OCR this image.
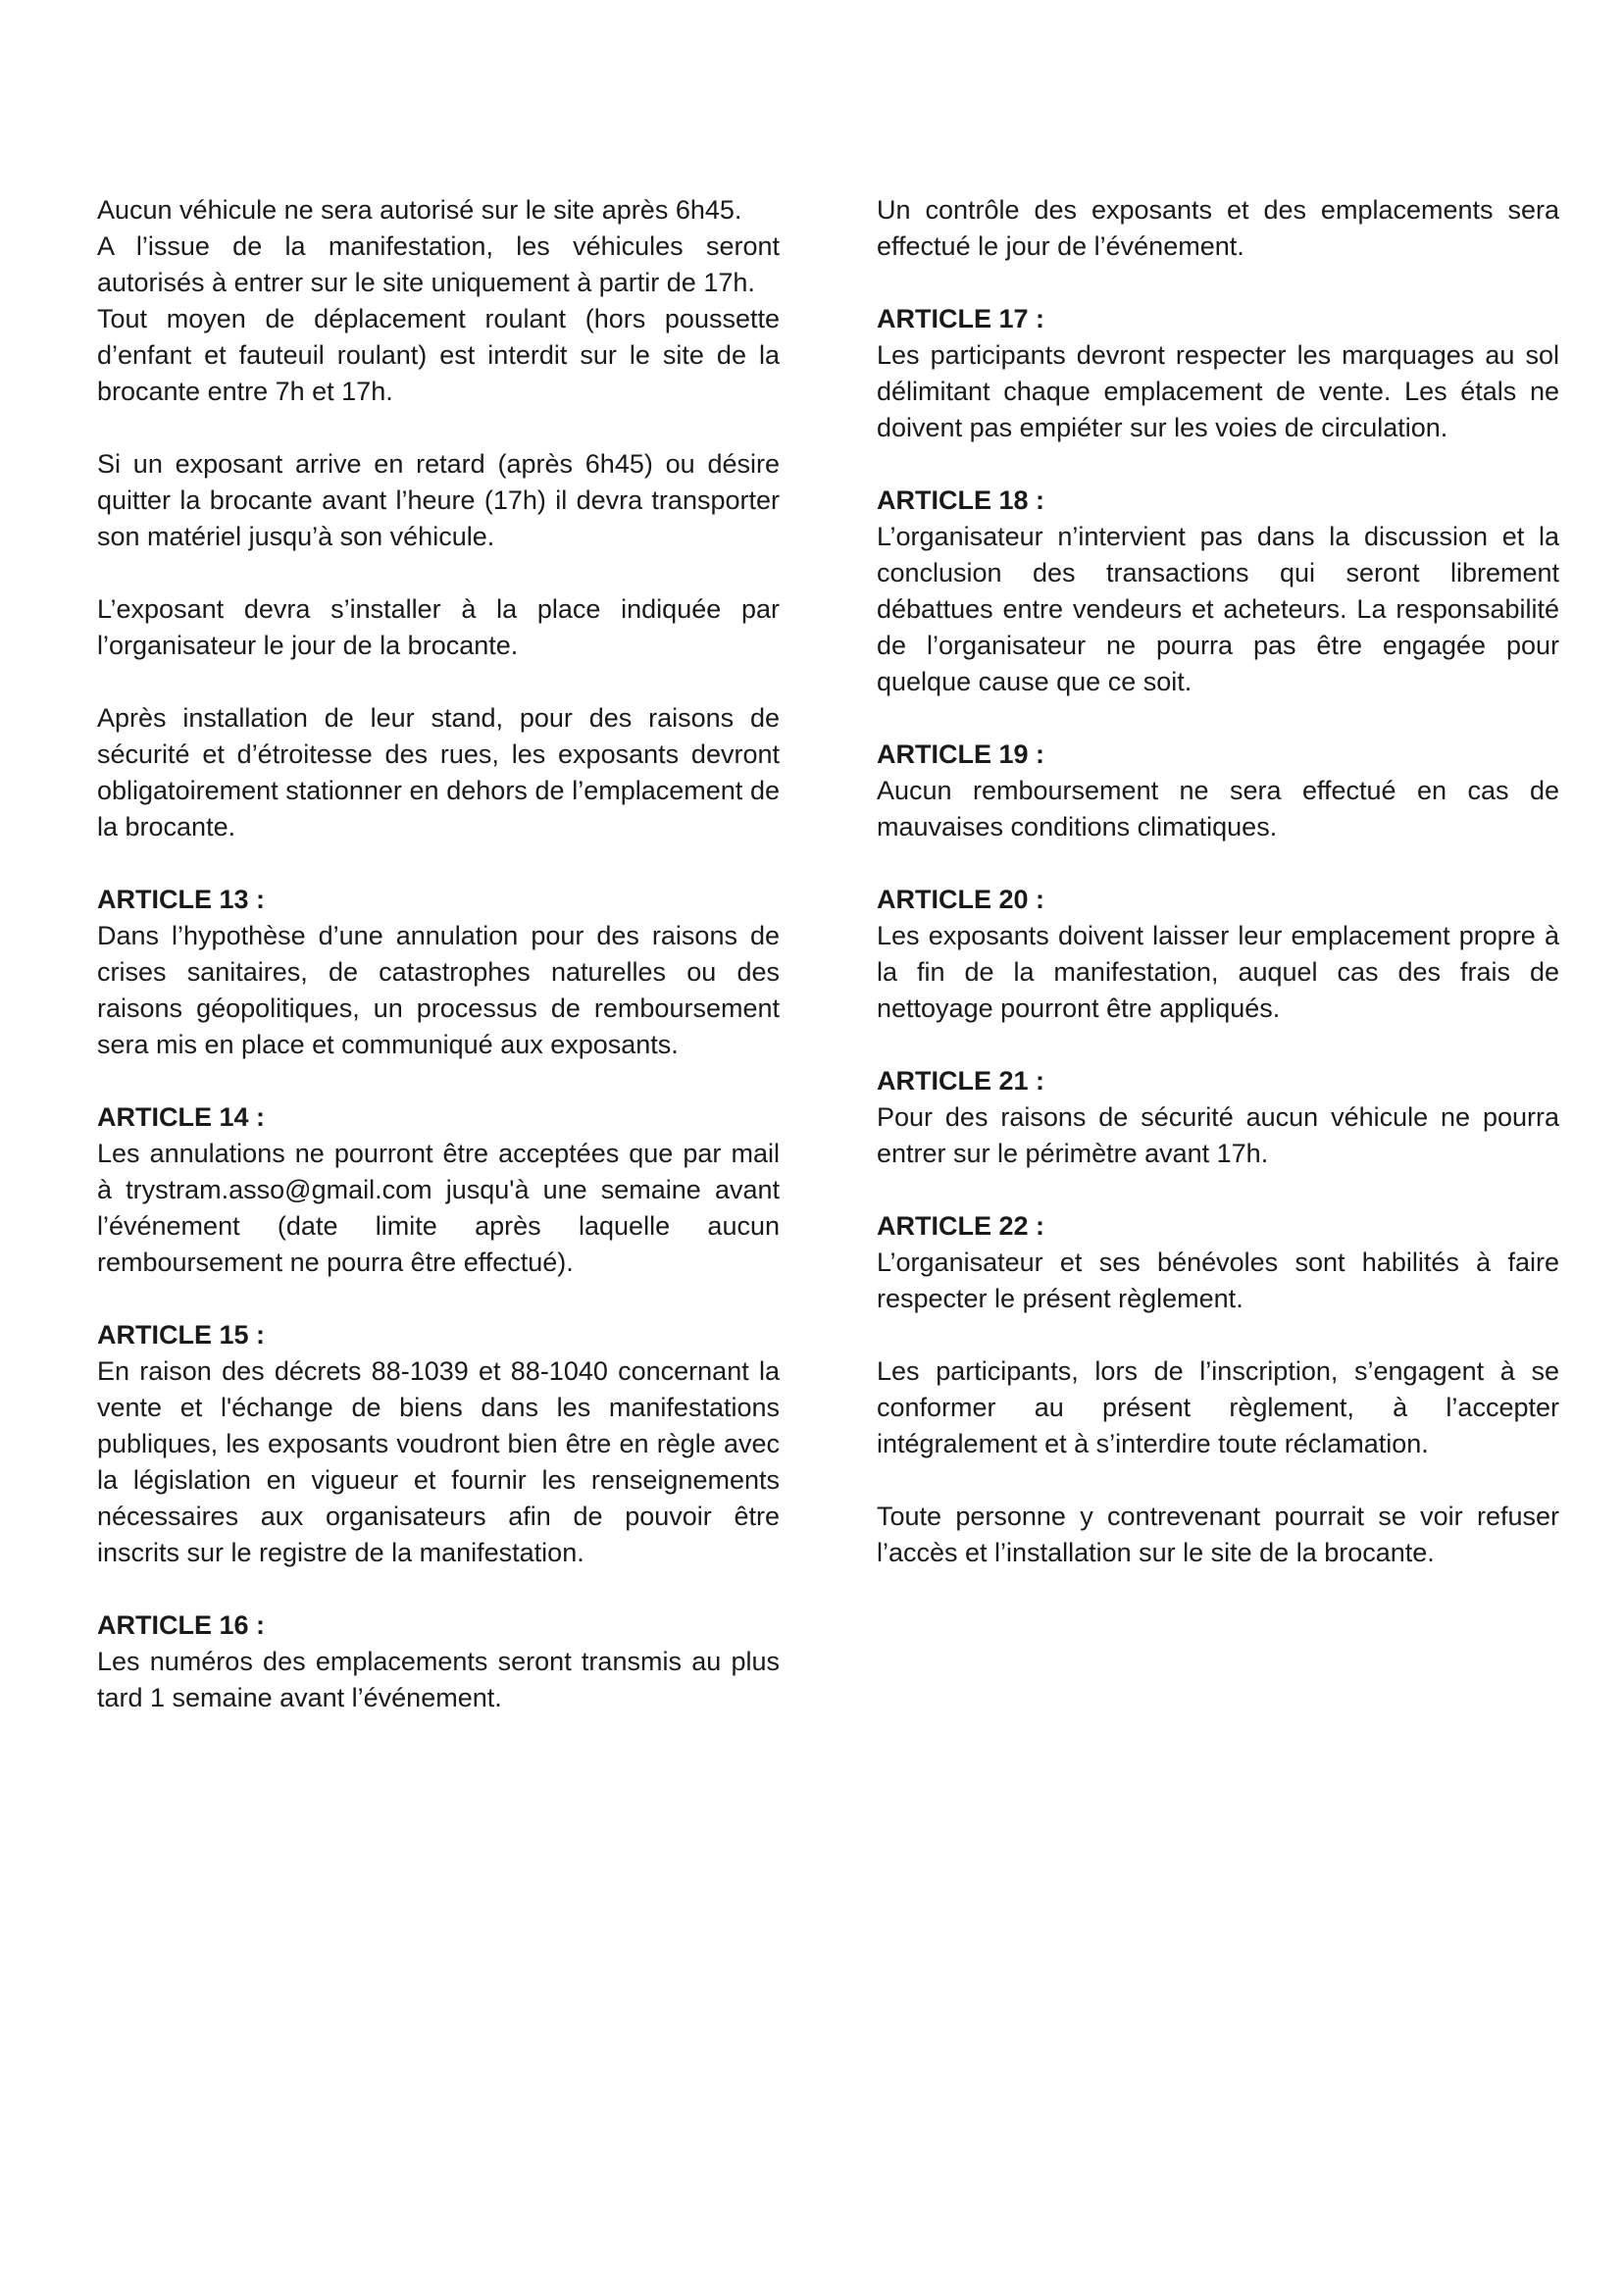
Aucun véhicule ne sera autorisé sur le site après 6h45.

A l’issue de la manifestation, les véhicules seront autorisés à entrer sur le site uniquement à partir de 17h.

Tout moyen de déplacement roulant (hors poussette d’enfant et fauteuil roulant) est interdit sur le site de la brocante entre 7h et 17h.

Si un exposant arrive en retard (après 6h45) ou désire quitter la brocante avant l’heure (17h) il devra transporter son matériel jusqu’à son véhicule.

L’exposant devra s’installer à la place indiquée par l’organisateur le jour de la brocante.

Après installation de leur stand, pour des raisons de sécurité et d’étroitesse des rues, les exposants devront obligatoirement stationner en dehors de l’emplacement de la brocante.

ARTICLE 13 :

Dans l’hypothèse d’une annulation pour des raisons de crises sanitaires, de catastrophes naturelles ou des raisons géopolitiques, un processus de remboursement sera mis en place et communiqué aux exposants.

ARTICLE 14 :

Les annulations ne pourront être acceptées que par mail à trystram.asso@gmail.com jusqu'à une semaine avant l’événement (date limite après laquelle aucun remboursement ne pourra être effectué).

ARTICLE 15 :

En raison des décrets 88-1039 et 88-1040 concernant la vente et l'échange de biens dans les manifestations publiques, les exposants voudront bien être en règle avec la législation en vigueur et fournir les renseignements nécessaires aux organisateurs afin de pouvoir être inscrits sur le registre de la manifestation.

ARTICLE 16 :

Les numéros des emplacements seront transmis au plus tard 1 semaine avant l’événement.

Un contrôle des exposants et des emplacements sera effectué le jour de l’événement.

ARTICLE 17 :

Les participants devront respecter les marquages au sol délimitant chaque emplacement de vente. Les étals ne doivent pas empiéter sur les voies de circulation.

ARTICLE 18 :

L’organisateur n’intervient pas dans la discussion et la conclusion des transactions qui seront librement débattues entre vendeurs et acheteurs. La responsabilité de l’organisateur ne pourra pas être engagée pour quelque cause que ce soit.

ARTICLE 19 :

Aucun remboursement ne sera effectué en cas de mauvaises conditions climatiques.

ARTICLE 20 :

Les exposants doivent laisser leur emplacement propre à la fin de la manifestation, auquel cas des frais de nettoyage pourront être appliqués.

ARTICLE 21 :

Pour des raisons de sécurité aucun véhicule ne pourra entrer sur le périmètre avant 17h.

ARTICLE 22 :

L’organisateur et ses bénévoles sont habilités à faire respecter le présent règlement.

Les participants, lors de l’inscription, s’engagent à se conformer au présent règlement, à l’accepter intégralement et à s’interdire toute réclamation.

Toute personne y contrevenant pourrait se voir refuser l’accès et l’installation sur le site de la brocante.
